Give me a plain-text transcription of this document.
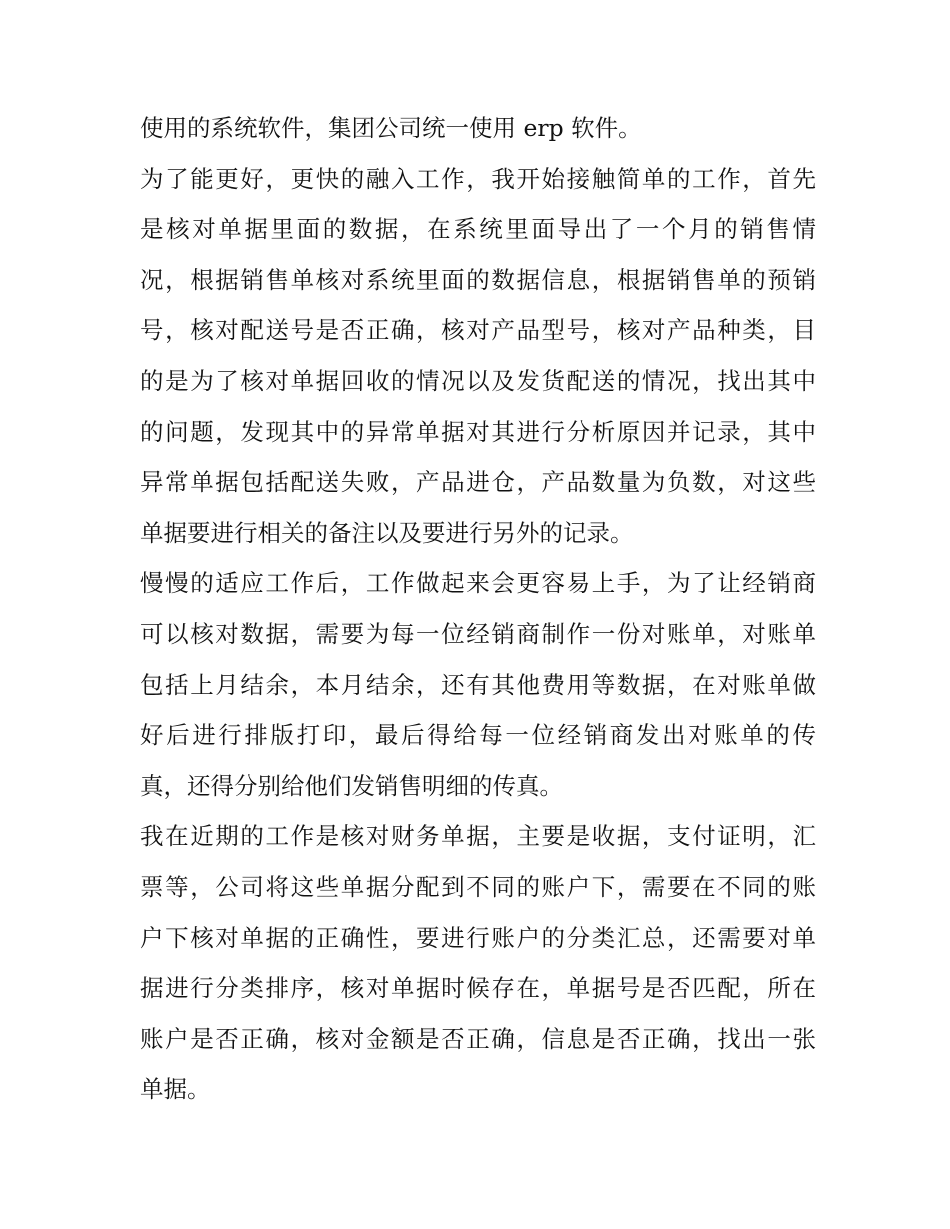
使用的系统软件，集团公司统一使用 erp 软件。
为了能更好，更快的融入工作，我开始接触简单的工作，首先
是核对单据里面的数据，在系统里面导出了一个月的销售情
况，根据销售单核对系统里面的数据信息，根据销售单的预销
号，核对配送号是否正确，核对产品型号，核对产品种类，目
的是为了核对单据回收的情况以及发货配送的情况，找出其中
的问题，发现其中的异常单据对其进行分析原因并记录，其中
异常单据包括配送失败，产品进仓，产品数量为负数，对这些
单据要进行相关的备注以及要进行另外的记录。
慢慢的适应工作后，工作做起来会更容易上手，为了让经销商
可以核对数据，需要为每一位经销商制作一份对账单，对账单
包括上月结余，本月结余，还有其他费用等数据，在对账单做
好后进行排版打印，最后得给每一位经销商发出对账单的传
真，还得分别给他们发销售明细的传真。
我在近期的工作是核对财务单据，主要是收据，支付证明，汇
票等，公司将这些单据分配到不同的账户下，需要在不同的账
户下核对单据的正确性，要进行账户的分类汇总，还需要对单
据进行分类排序，核对单据时候存在，单据号是否匹配，所在
账户是否正确，核对金额是否正确，信息是否正确，找出一张
单据。
